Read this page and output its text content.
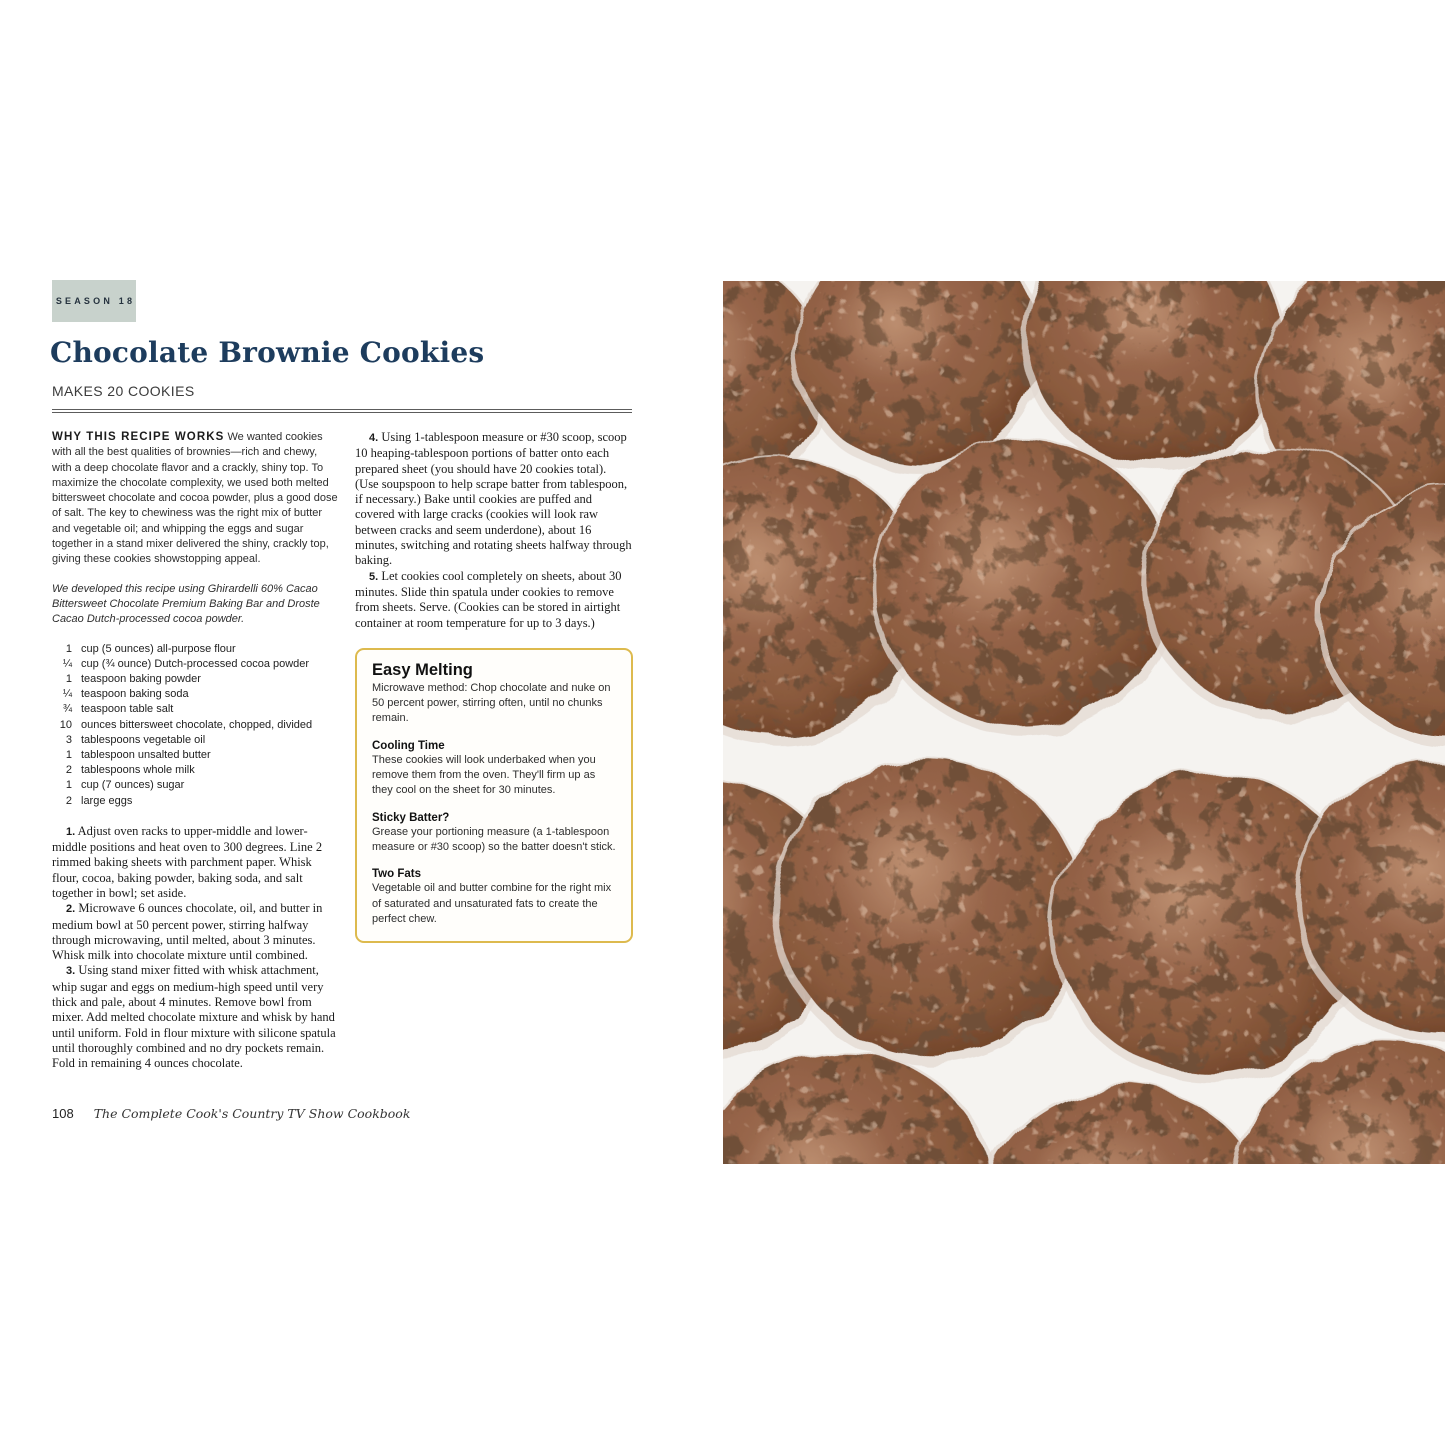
SEASON 18
Chocolate Brownie Cookies

MAKES 20 COOKIES

WHY THIS RECIPE WORKS We wanted cookies with all the best qualities of brownies—rich and chewy, with a deep chocolate flavor and a crackly, shiny top. To maximize the chocolate complexity, we used both melted bittersweet chocolate and cocoa powder, plus a good dose of salt. The key to chewiness was the right mix of butter and vegetable oil; and whipping the eggs and sugar together in a stand mixer delivered the shiny, crackly top, giving these cookies showstopping appeal.

We developed this recipe using Ghirardelli 60% Cacao Bittersweet Chocolate Premium Baking Bar and Droste Cacao Dutch-processed cocoa powder.

1 cup (5 ounces) all-purpose flour
¼ cup (¾ ounce) Dutch-processed cocoa powder
1 teaspoon baking powder
¼ teaspoon baking soda
¾ teaspoon table salt
10 ounces bittersweet chocolate, chopped, divided
3 tablespoons vegetable oil
1 tablespoon unsalted butter
2 tablespoons whole milk
1 cup (7 ounces) sugar
2 large eggs

1. Adjust oven racks to upper-middle and lower-middle positions and heat oven to 300 degrees. Line 2 rimmed baking sheets with parchment paper. Whisk flour, cocoa, baking powder, baking soda, and salt together in bowl; set aside.

2. Microwave 6 ounces chocolate, oil, and butter in medium bowl at 50 percent power, stirring halfway through microwaving, until melted, about 3 minutes. Whisk milk into chocolate mixture until combined.

3. Using stand mixer fitted with whisk attachment, whip sugar and eggs on medium-high speed until very thick and pale, about 4 minutes. Remove bowl from mixer. Add melted chocolate mixture and whisk by hand until uniform. Fold in flour mixture with silicone spatula until thoroughly combined and no dry pockets remain. Fold in remaining 4 ounces chocolate.

4. Using 1-tablespoon measure or #30 scoop, scoop 10 heaping-tablespoon portions of batter onto each prepared sheet (you should have 20 cookies total). (Use soupspoon to help scrape batter from tablespoon, if necessary.) Bake until cookies are puffed and covered with large cracks (cookies will look raw between cracks and seem underdone), about 16 minutes, switching and rotating sheets halfway through baking.

5. Let cookies cool completely on sheets, about 30 minutes. Slide thin spatula under cookies to remove from sheets. Serve. (Cookies can be stored in airtight container at room temperature for up to 3 days.)

Easy Melting

Microwave method: Chop chocolate and nuke on 50 percent power, stirring often, until no chunks remain.

Cooling Time

These cookies will look underbaked when you remove them from the oven. They'll firm up as they cool on the sheet for 30 minutes.

Sticky Batter?

Grease your portioning measure (a 1-tablespoon measure or #30 scoop) so the batter doesn't stick.

Two Fats

Vegetable oil and butter combine for the right mix of saturated and unsaturated fats to create the perfect chew.

108 The Complete Cook's Country TV Show Cookbook
